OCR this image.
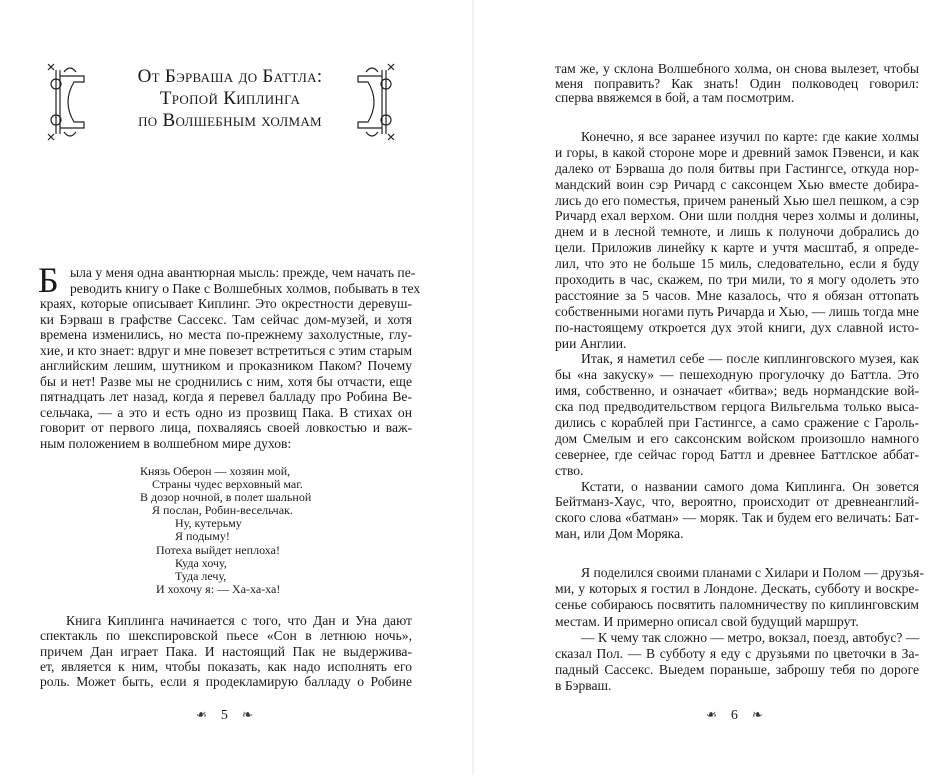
От Бэрваша до Баттла:
Тропой Киплинга
по Волшебным холмам
Б ыла у меня одна авантюрная мысль: прежде, чем начать пе-
реводить книгу о Паке с Волшебных холмов, побывать в тех
краях, которые описывает Киплинг. Это окрестности деревуш-
ки Бэрваш в графстве Сассекс. Там сейчас дом-музей, и хотя
времена изменились, но места по-прежнему захолустные, глу-
хие, и кто знает: вдруг и мне повезет встретиться с этим старым
английским лешим, шутником и проказником Паком? Почему
бы и нет! Разве мы не сроднились с ним, хотя бы отчасти, еще
пятнадцать лет назад, когда я перевел балладу про Робина Ве-
сельчака, — а это и есть одно из прозвищ Пака. В стихах он
говорит от первого лица, похваляясь своей ловкостью и важ-
ным положением в волшебном мире духов:
Князь Оберон — хозяин мой,
Страны чудес верховный маг.
В дозор ночной, в полет шальной
Я послан, Робин-весельчак.
Ну, кутерьму
Я подыму!
Потеха выйдет неплоха!
Куда хочу,
Туда лечу,
И хохочу я: — Ха-ха-ха!
Книга Киплинга начинается с того, что Дан и Уна дают
спектакль по шекспировской пьесе «Сон в летнюю ночь»,
причем Дан играет Пака. И настоящий Пак не выдержива-
ет, является к ним, чтобы показать, как надо исполнять его
роль. Может быть, если я продекламирую балладу о Робине
❧ 5 ❧
там же, у склона Волшебного холма, он снова вылезет, чтобы
меня поправить? Как знать! Один полководец говорил:
сперва ввяжемся в бой, а там посмотрим.
Конечно, я все заранее изучил по карте: где какие холмы
и горы, в какой стороне море и древний замок Пэвенси, и как
далеко от Бэрваша до поля битвы при Гастингсе, откуда нор-
мандский воин сэр Ричард с саксонцем Хью вместе добира-
лись до его поместья, причем раненый Хью шел пешком, а сэр
Ричард ехал верхом. Они шли полдня через холмы и долины,
днем и в лесной темноте, и лишь к полуночи добрались до
цели. Приложив линейку к карте и учтя масштаб, я опреде-
лил, что это не больше 15 миль, следовательно, если я буду
проходить в час, скажем, по три мили, то я могу одолеть это
расстояние за 5 часов. Мне казалось, что я обязан оттопать
собственными ногами путь Ричарда и Хью, — лишь тогда мне
по-настоящему откроется дух этой книги, дух славной исто-
рии Англии.
Итак, я наметил себе — после киплинговского музея, как
бы «на закуску» — пешеходную прогулочку до Баттла. Это
имя, собственно, и означает «битва»; ведь нормандские вой-
ска под предводительством герцога Вильгельма только выса-
дились с кораблей при Гастингсе, а само сражение с Гароль-
дом Смелым и его саксонским войском произошло намного
севернее, где сейчас город Баттл и древнее Баттлское аббат-
ство.
Кстати, о названии самого дома Киплинга. Он зовется
Бейтманз-Хаус, что, вероятно, происходит от древнеанглий-
ского слова «батман» — моряк. Так и будем его величать: Бат-
ман, или Дом Моряка.
Я поделился своими планами с Хилари и Полом — друзья-
ми, у которых я гостил в Лондоне. Дескать, субботу и воскре-
сенье собираюсь посвятить паломничеству по киплинговским
местам. И примерно описал свой будущий маршрут.
— К чему так сложно — метро, вокзал, поезд, автобус? —
сказал Пол. — В субботу я еду с друзьями по цветочки в За-
падный Сассекс. Выедем пораньше, заброшу тебя по дороге
в Бэрваш.
❧ 6 ❧
